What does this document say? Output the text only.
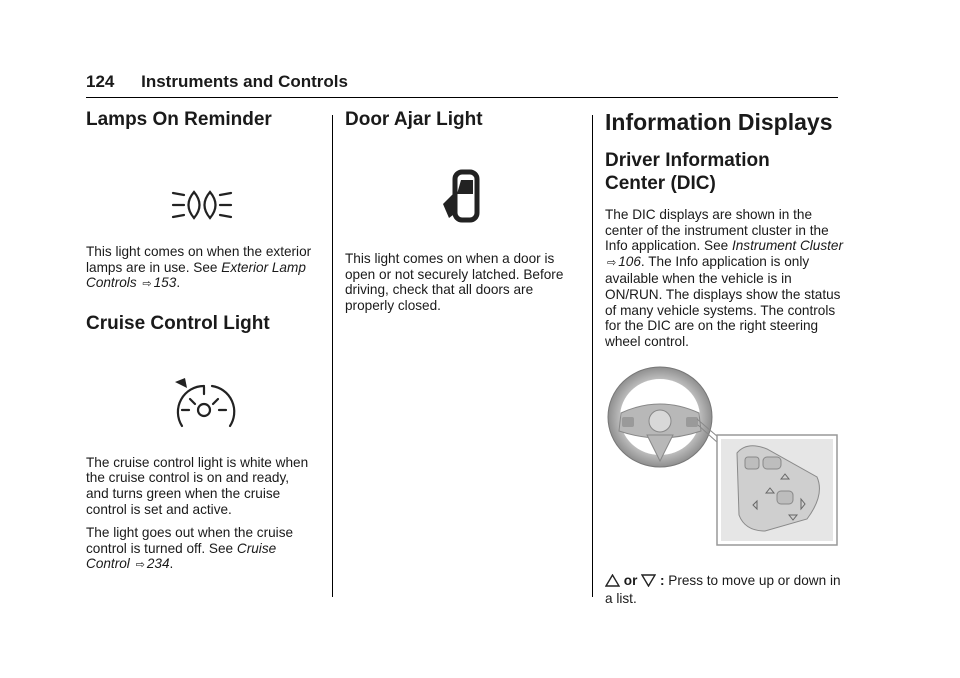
124 Instruments and Controls
Lamps On Reminder

This light comes on when the exterior lamps are in use. See Exterior Lamp Controls ⇨ 153.

Cruise Control Light

The cruise control light is white when the cruise control is on and ready, and turns green when the cruise control is set and active.

The light goes out when the cruise control is turned off. See Cruise Control ⇨ 234.

Door Ajar Light

This light comes on when a door is open or not securely latched. Before driving, check that all doors are properly closed.

Information Displays
Driver Information
Center (DIC)

The DIC displays are shown in the center of the instrument cluster in the Info application. See Instrument Cluster ⇨ 106. The Info application is only available when the vehicle is in ON/RUN. The displays show the status of many vehicle systems. The controls for the DIC are on the right steering wheel control.

or : Press to move up or down in a list.
